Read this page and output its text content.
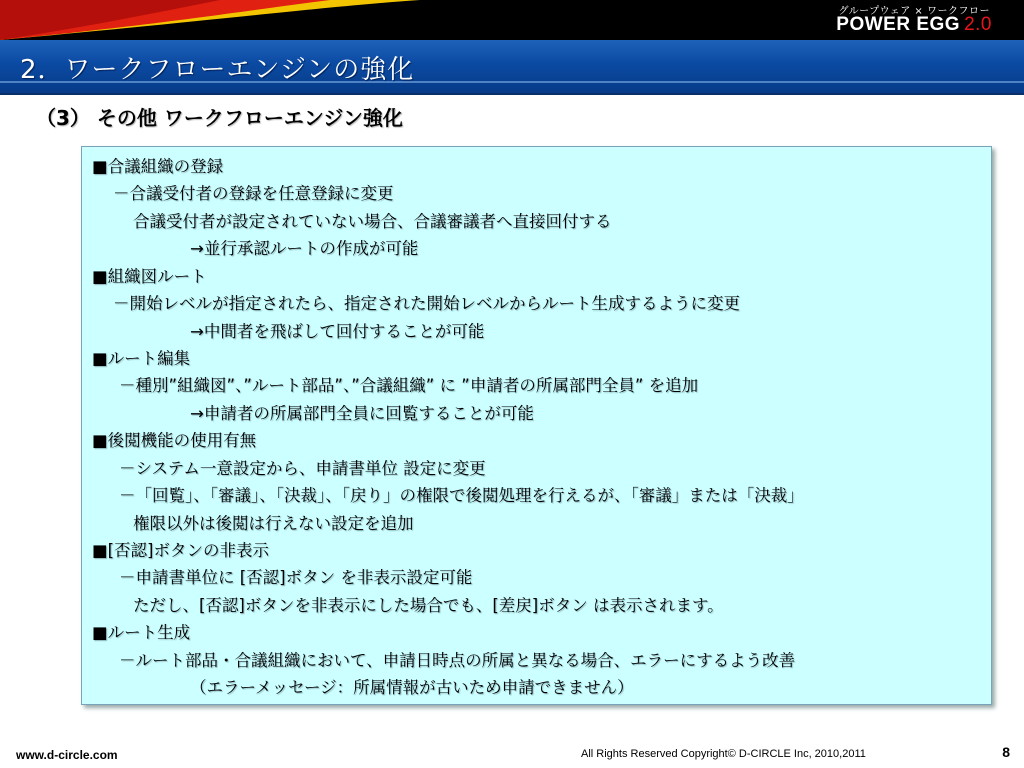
グループウェア × ワークフロー
POWER EGG 2.0
2．ワークフローエンジンの強化
（3） その他 ワークフローエンジン強化
■合議組織の登録
－合議受付者の登録を任意登録に変更
合議受付者が設定されていない場合、合議審議者へ直接回付する
→並行承認ルートの作成が可能
■組織図ルート
－開始レベルが指定されたら、指定された開始レベルからルート生成するように変更
→中間者を飛ばして回付することが可能
■ルート編集
－種別”組織図”、”ルート部品”、”合議組織” に ”申請者の所属部門全員” を追加
→申請者の所属部門全員に回覧することが可能
■後閲機能の使用有無
－システム一意設定から、申請書単位 設定に変更
－「回覧」、「審議」、「決裁」、「戻り」の権限で後閲処理を行えるが、「審議」または「決裁」
権限以外は後閲は行えない設定を追加
■[否認]ボタンの非表示
－申請書単位に [否認]ボタン を非表示設定可能
ただし、[否認]ボタンを非表示にした場合でも、[差戻]ボタン は表示されます。
■ルート生成
－ルート部品・合議組織において、申請日時点の所属と異なる場合、エラーにするよう改善
（エラーメッセージ：所属情報が古いため申請できません）
www.d-circle.com	All Rights Reserved Copyright© D-CIRCLE Inc, 2010,2011	8
